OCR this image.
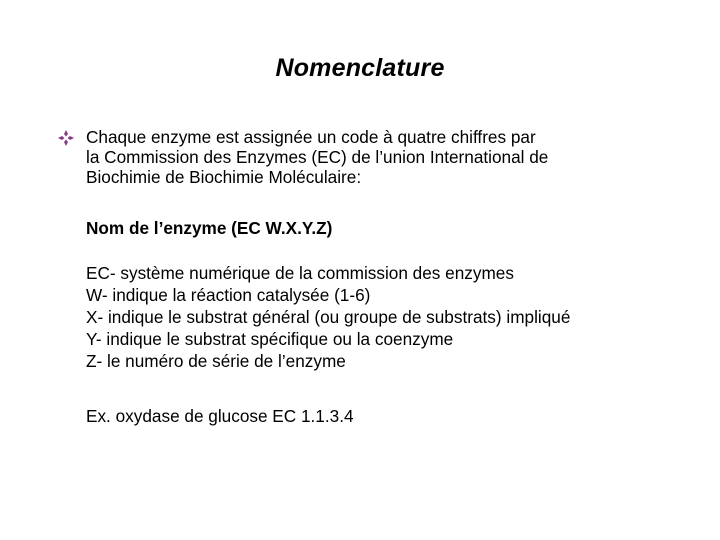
Nomenclature

Chaque enzyme est assignée un code à quatre chiffres par
la Commission des Enzymes (EC) de l’union International de
Biochimie de Biochimie Moléculaire:

Nom de l’enzyme (EC W.X.Y.Z)

EC- système numérique de la commission des enzymes
W- indique la réaction catalysée (1-6)
X- indique le substrat général (ou groupe de substrats) impliqué
Y- indique le substrat spécifique ou la coenzyme
Z- le numéro de série de l’enzyme

Ex. oxydase de glucose EC 1.1.3.4
